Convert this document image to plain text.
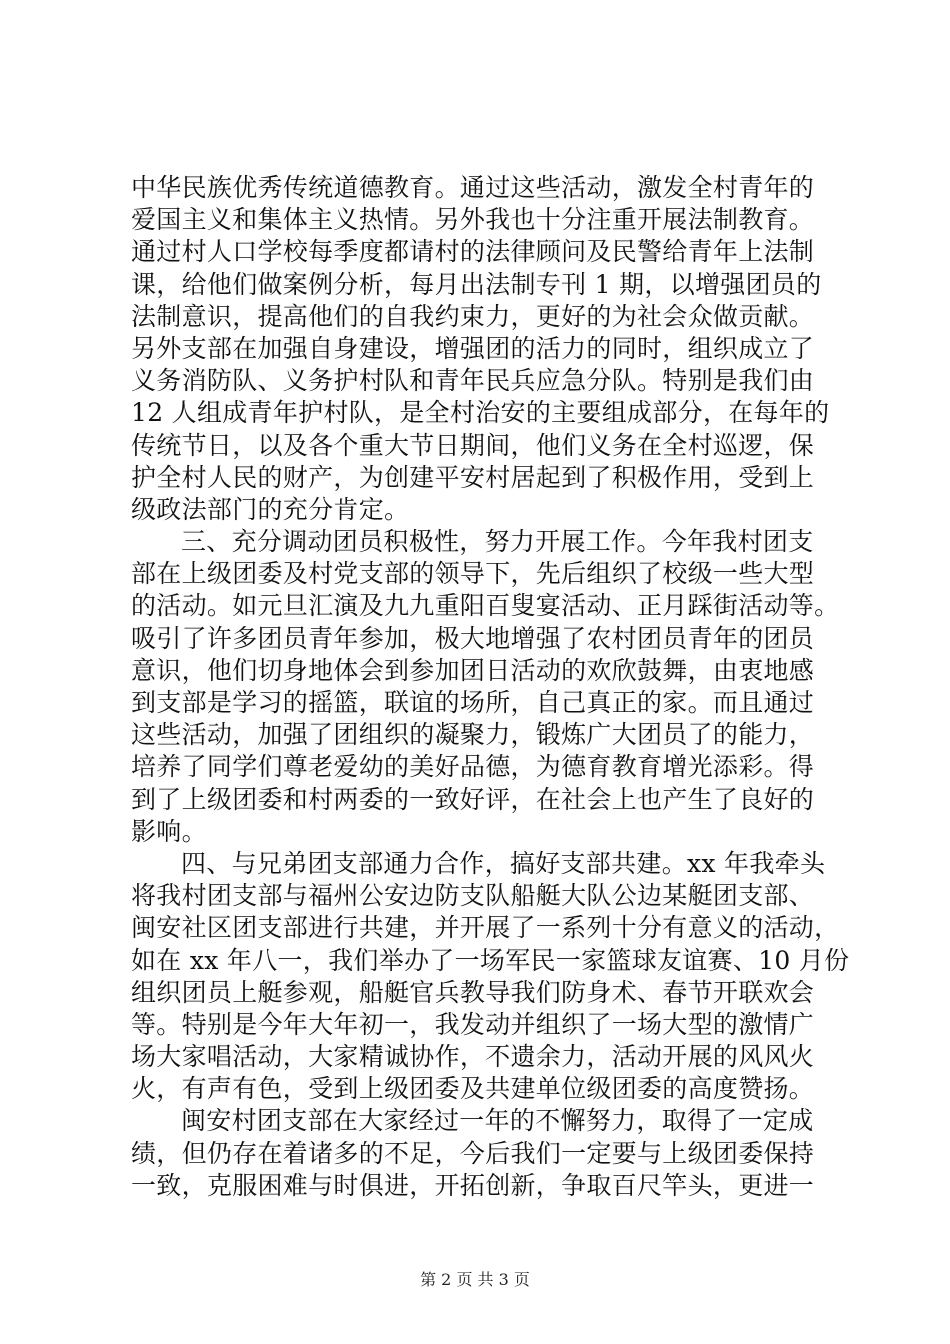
中华民族优秀传统道德教育。通过这些活动，激发全村青年的
爱国主义和集体主义热情。另外我也十分注重开展法制教育。
通过村人口学校每季度都请村的法律顾问及民警给青年上法制
课，给他们做案例分析，每月出法制专刊 1 期，以增强团员的
法制意识，提高他们的自我约束力，更好的为社会众做贡献。
另外支部在加强自身建设，增强团的活力的同时，组织成立了
义务消防队、义务护村队和青年民兵应急分队。特别是我们由
12 人组成青年护村队，是全村治安的主要组成部分，在每年的
传统节日，以及各个重大节日期间，他们义务在全村巡逻，保
护全村人民的财产，为创建平安村居起到了积极作用，受到上
级政法部门的充分肯定。
三、充分调动团员积极性，努力开展工作。今年我村团支
部在上级团委及村党支部的领导下，先后组织了校级一些大型
的活动。如元旦汇演及九九重阳百叟宴活动、正月踩街活动等。
吸引了许多团员青年参加，极大地增强了农村团员青年的团员
意识，他们切身地体会到参加团日活动的欢欣鼓舞，由衷地感
到支部是学习的摇篮，联谊的场所，自己真正的家。而且通过
这些活动，加强了团组织的凝聚力，锻炼广大团员了的能力，
培养了同学们尊老爱幼的美好品德，为德育教育增光添彩。得
到了上级团委和村两委的一致好评，在社会上也产生了良好的
影响。
四、与兄弟团支部通力合作，搞好支部共建。xx 年我牵头
将我村团支部与福州公安边防支队船艇大队公边某艇团支部、
闽安社区团支部进行共建，并开展了一系列十分有意义的活动，
如在 xx 年八一，我们举办了一场军民一家篮球友谊赛、10 月份
组织团员上艇参观，船艇官兵教导我们防身术、春节开联欢会
等。特别是今年大年初一，我发动并组织了一场大型的激情广
场大家唱活动，大家精诚协作，不遗余力，活动开展的风风火
火，有声有色，受到上级团委及共建单位级团委的高度赞扬。
闽安村团支部在大家经过一年的不懈努力，取得了一定成
绩，但仍存在着诸多的不足，今后我们一定要与上级团委保持
一致，克服困难与时俱进，开拓创新，争取百尺竿头，更进一
第 2 页 共 3 页
